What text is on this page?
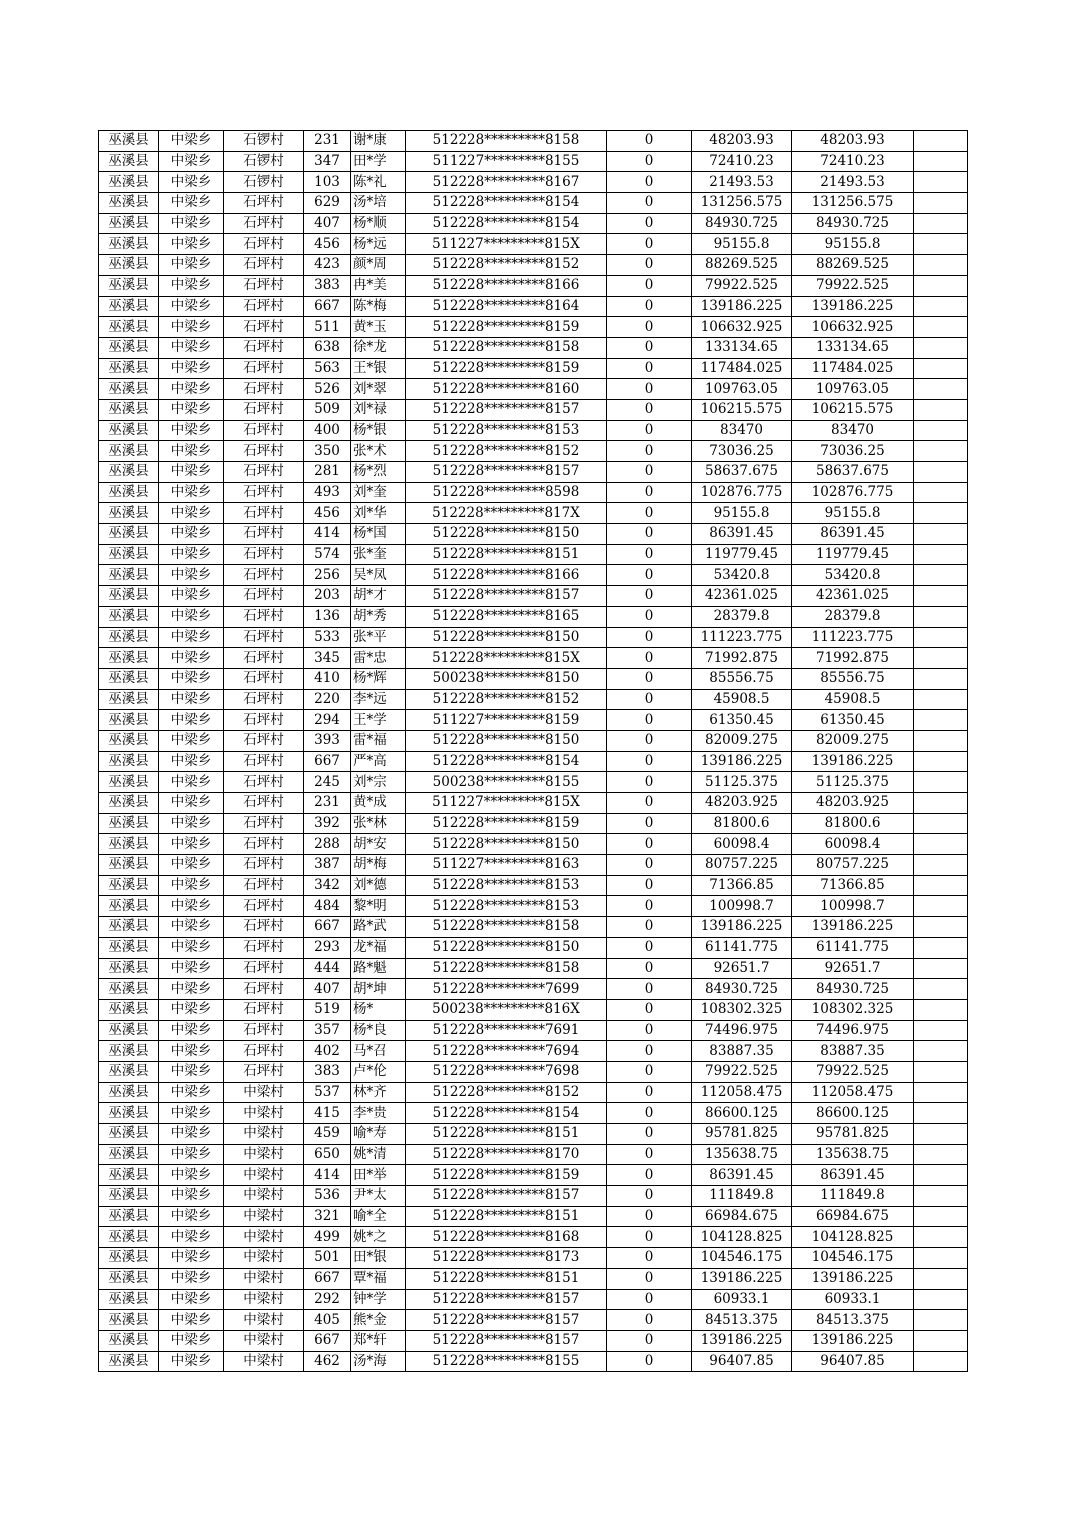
巫溪县	中梁乡	石锣村	231	谢*康	512228*********8158	0	48203.93	48203.93	
巫溪县	中梁乡	石锣村	347	田*学	511227*********8155	0	72410.23	72410.23	
巫溪县	中梁乡	石锣村	103	陈*礼	512228*********8167	0	21493.53	21493.53	
巫溪县	中梁乡	石坪村	629	汤*培	512228*********8154	0	131256.575	131256.575	
巫溪县	中梁乡	石坪村	407	杨*顺	512228*********8154	0	84930.725	84930.725	
巫溪县	中梁乡	石坪村	456	杨*远	511227*********815X	0	95155.8	95155.8	
巫溪县	中梁乡	石坪村	423	颜*周	512228*********8152	0	88269.525	88269.525	
巫溪县	中梁乡	石坪村	383	冉*美	512228*********8166	0	79922.525	79922.525	
巫溪县	中梁乡	石坪村	667	陈*梅	512228*********8164	0	139186.225	139186.225	
巫溪县	中梁乡	石坪村	511	黄*玉	512228*********8159	0	106632.925	106632.925	
巫溪县	中梁乡	石坪村	638	徐*龙	512228*********8158	0	133134.65	133134.65	
巫溪县	中梁乡	石坪村	563	王*银	512228*********8159	0	117484.025	117484.025	
巫溪县	中梁乡	石坪村	526	刘*翠	512228*********8160	0	109763.05	109763.05	
巫溪县	中梁乡	石坪村	509	刘*禄	512228*********8157	0	106215.575	106215.575	
巫溪县	中梁乡	石坪村	400	杨*银	512228*********8153	0	83470	83470	
巫溪县	中梁乡	石坪村	350	张*术	512228*********8152	0	73036.25	73036.25	
巫溪县	中梁乡	石坪村	281	杨*烈	512228*********8157	0	58637.675	58637.675	
巫溪县	中梁乡	石坪村	493	刘*奎	512228*********8598	0	102876.775	102876.775	
巫溪县	中梁乡	石坪村	456	刘*华	512228*********817X	0	95155.8	95155.8	
巫溪县	中梁乡	石坪村	414	杨*国	512228*********8150	0	86391.45	86391.45	
巫溪县	中梁乡	石坪村	574	张*奎	512228*********8151	0	119779.45	119779.45	
巫溪县	中梁乡	石坪村	256	吴*凤	512228*********8166	0	53420.8	53420.8	
巫溪县	中梁乡	石坪村	203	胡*才	512228*********8157	0	42361.025	42361.025	
巫溪县	中梁乡	石坪村	136	胡*秀	512228*********8165	0	28379.8	28379.8	
巫溪县	中梁乡	石坪村	533	张*平	512228*********8150	0	111223.775	111223.775	
巫溪县	中梁乡	石坪村	345	雷*忠	512228*********815X	0	71992.875	71992.875	
巫溪县	中梁乡	石坪村	410	杨*辉	500238*********8150	0	85556.75	85556.75	
巫溪县	中梁乡	石坪村	220	李*远	512228*********8152	0	45908.5	45908.5	
巫溪县	中梁乡	石坪村	294	王*学	511227*********8159	0	61350.45	61350.45	
巫溪县	中梁乡	石坪村	393	雷*福	512228*********8150	0	82009.275	82009.275	
巫溪县	中梁乡	石坪村	667	严*高	512228*********8154	0	139186.225	139186.225	
巫溪县	中梁乡	石坪村	245	刘*宗	500238*********8155	0	51125.375	51125.375	
巫溪县	中梁乡	石坪村	231	黄*成	511227*********815X	0	48203.925	48203.925	
巫溪县	中梁乡	石坪村	392	张*林	512228*********8159	0	81800.6	81800.6	
巫溪县	中梁乡	石坪村	288	胡*安	512228*********8150	0	60098.4	60098.4	
巫溪县	中梁乡	石坪村	387	胡*梅	511227*********8163	0	80757.225	80757.225	
巫溪县	中梁乡	石坪村	342	刘*德	512228*********8153	0	71366.85	71366.85	
巫溪县	中梁乡	石坪村	484	黎*明	512228*********8153	0	100998.7	100998.7	
巫溪县	中梁乡	石坪村	667	路*武	512228*********8158	0	139186.225	139186.225	
巫溪县	中梁乡	石坪村	293	龙*福	512228*********8150	0	61141.775	61141.775	
巫溪县	中梁乡	石坪村	444	路*魁	512228*********8158	0	92651.7	92651.7	
巫溪县	中梁乡	石坪村	407	胡*坤	512228*********7699	0	84930.725	84930.725	
巫溪县	中梁乡	石坪村	519	杨*	500238*********816X	0	108302.325	108302.325	
巫溪县	中梁乡	石坪村	357	杨*良	512228*********7691	0	74496.975	74496.975	
巫溪县	中梁乡	石坪村	402	马*召	512228*********7694	0	83887.35	83887.35	
巫溪县	中梁乡	石坪村	383	卢*伦	512228*********7698	0	79922.525	79922.525	
巫溪县	中梁乡	中梁村	537	林*齐	512228*********8152	0	112058.475	112058.475	
巫溪县	中梁乡	中梁村	415	李*贵	512228*********8154	0	86600.125	86600.125	
巫溪县	中梁乡	中梁村	459	喻*寿	512228*********8151	0	95781.825	95781.825	
巫溪县	中梁乡	中梁村	650	姚*清	512228*********8170	0	135638.75	135638.75	
巫溪县	中梁乡	中梁村	414	田*举	512228*********8159	0	86391.45	86391.45	
巫溪县	中梁乡	中梁村	536	尹*太	512228*********8157	0	111849.8	111849.8	
巫溪县	中梁乡	中梁村	321	喻*全	512228*********8151	0	66984.675	66984.675	
巫溪县	中梁乡	中梁村	499	姚*之	512228*********8168	0	104128.825	104128.825	
巫溪县	中梁乡	中梁村	501	田*银	512228*********8173	0	104546.175	104546.175	
巫溪县	中梁乡	中梁村	667	覃*福	512228*********8151	0	139186.225	139186.225	
巫溪县	中梁乡	中梁村	292	钟*学	512228*********8157	0	60933.1	60933.1	
巫溪县	中梁乡	中梁村	405	熊*金	512228*********8157	0	84513.375	84513.375	
巫溪县	中梁乡	中梁村	667	郑*轩	512228*********8157	0	139186.225	139186.225	
巫溪县	中梁乡	中梁村	462	汤*海	512228*********8155	0	96407.85	96407.85	
